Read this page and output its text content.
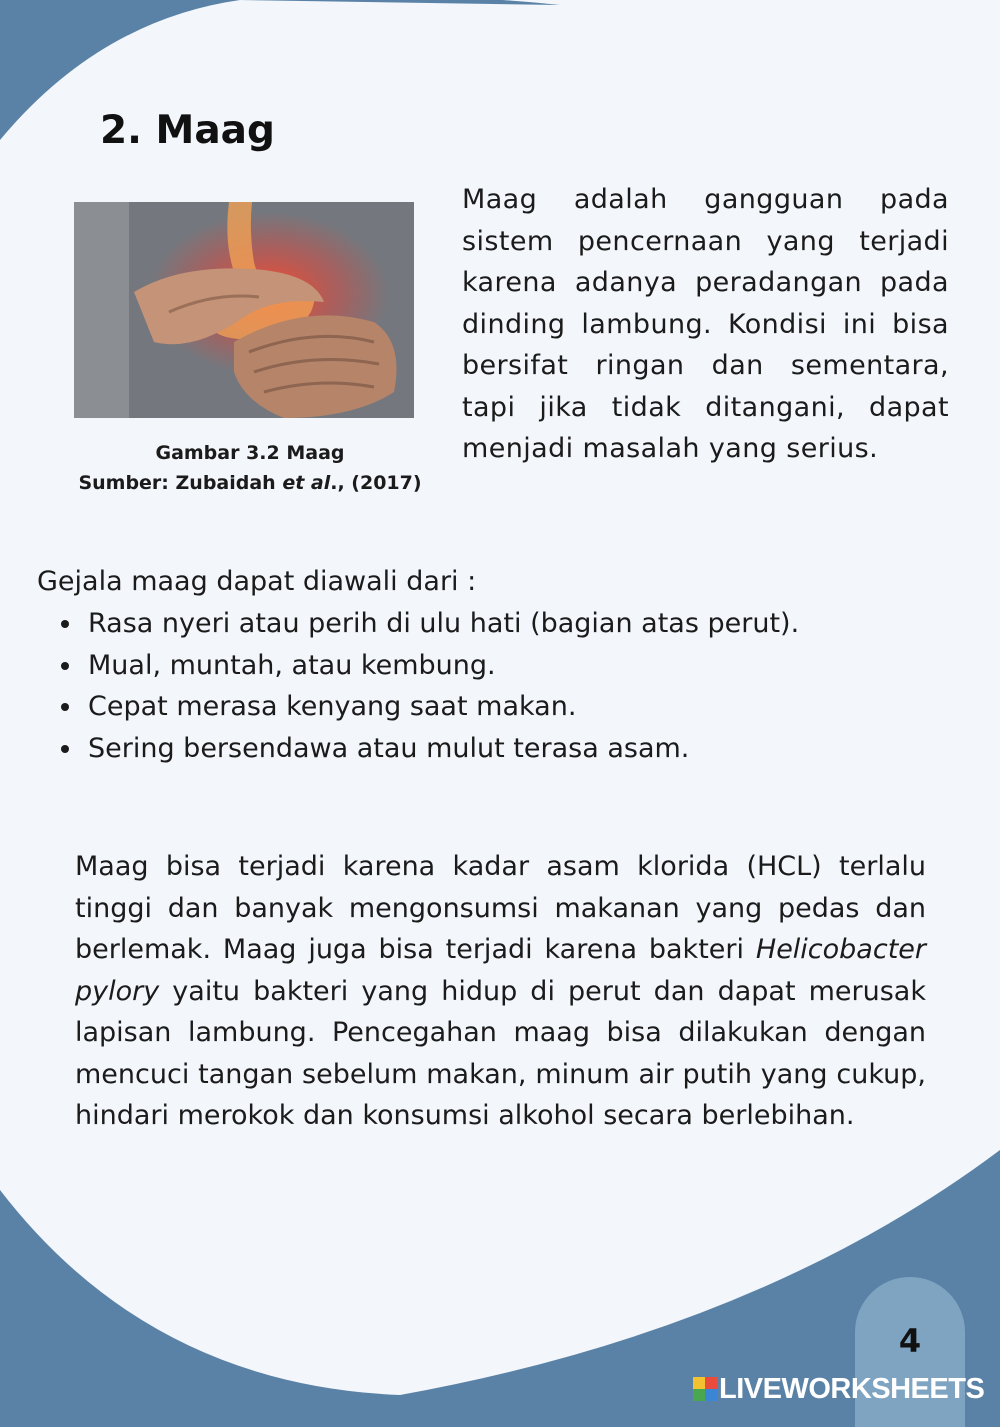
2. Maag
Gambar 3.2 Maag
Sumber: Zubaidah et al., (2017)

Maag adalah gangguan pada sistem pencernaan yang terjadi karena adanya peradangan pada dinding lambung. Kondisi ini bisa bersifat ringan dan sementara, tapi jika tidak ditangani, dapat menjadi masalah yang serius.

Gejala maag dapat diawali dari :

Rasa nyeri atau perih di ulu hati (bagian atas perut).
Mual, muntah, atau kembung.
Cepat merasa kenyang saat makan.
Sering bersendawa atau mulut terasa asam.

Maag bisa terjadi karena kadar asam klorida (HCL) terlalu tinggi dan banyak mengonsumsi makanan yang pedas dan berlemak. Maag juga bisa terjadi karena bakteri Helicobacter pylory yaitu bakteri yang hidup di perut dan dapat merusak lapisan lambung. Pencegahan maag bisa dilakukan dengan mencuci tangan sebelum makan, minum air putih yang cukup, hindari merokok dan konsumsi alkohol secara berlebihan.

4
LIVEWORKSHEETS
